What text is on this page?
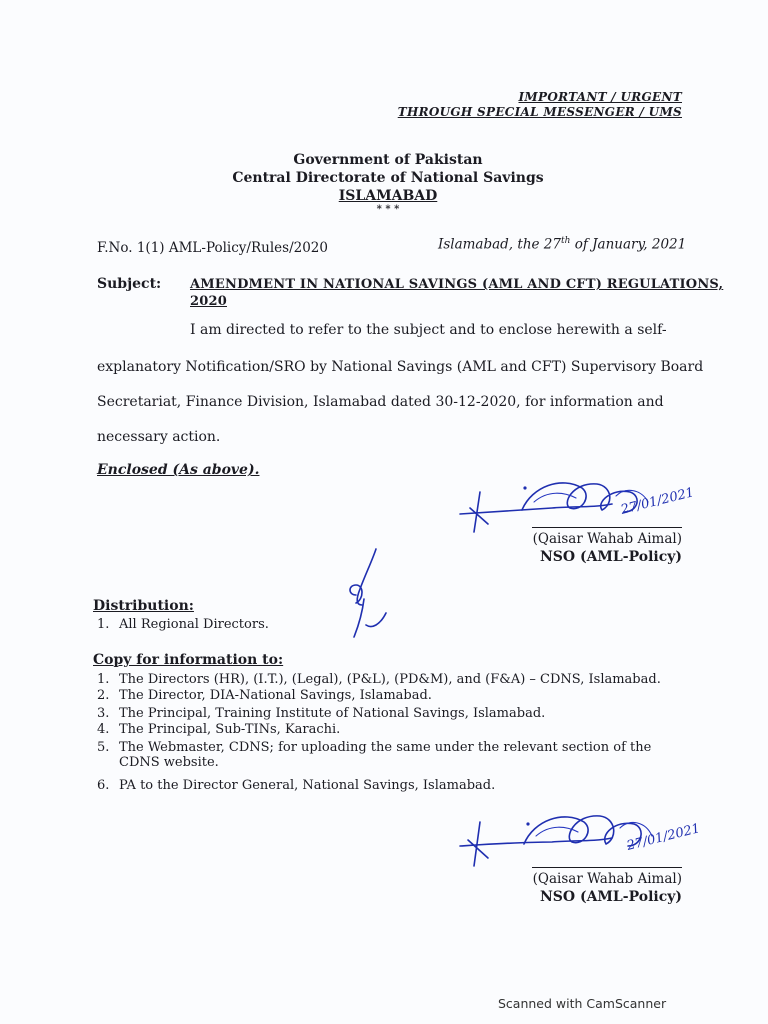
IMPORTANT / URGENT
THROUGH SPECIAL MESSENGER / UMS
Government of Pakistan
Central Directorate of National Savings
ISLAMABAD
* * *
F.No. 1(1) AML-Policy/Rules/2020	Islamabad, the 27th of January, 2021
Subject: AMENDMENT IN NATIONAL SAVINGS (AML AND CFT) REGULATIONS,
2020
I am directed to refer to the subject and to enclose herewith a self-
explanatory Notification/SRO by National Savings (AML and CFT) Supervisory Board
Secretariat, Finance Division, Islamabad dated 30-12-2020, for information and
necessary action.
Enclosed (As above).
27/01/2021
(Qaisar Wahab Aimal)
NSO (AML-Policy)
Distribution:
1. All Regional Directors.
Copy for information to:
1. The Directors (HR), (I.T.), (Legal), (P&L), (PD&M), and (F&A) – CDNS, Islamabad.
2. The Director, DIA-National Savings, Islamabad.
3. The Principal, Training Institute of National Savings, Islamabad.
4. The Principal, Sub-TINs, Karachi.
5. The Webmaster, CDNS; for uploading the same under the relevant section of the
CDNS website.
6. PA to the Director General, National Savings, Islamabad.
27/01/2021
(Qaisar Wahab Aimal)
NSO (AML-Policy)
Scanned with CamScanner
